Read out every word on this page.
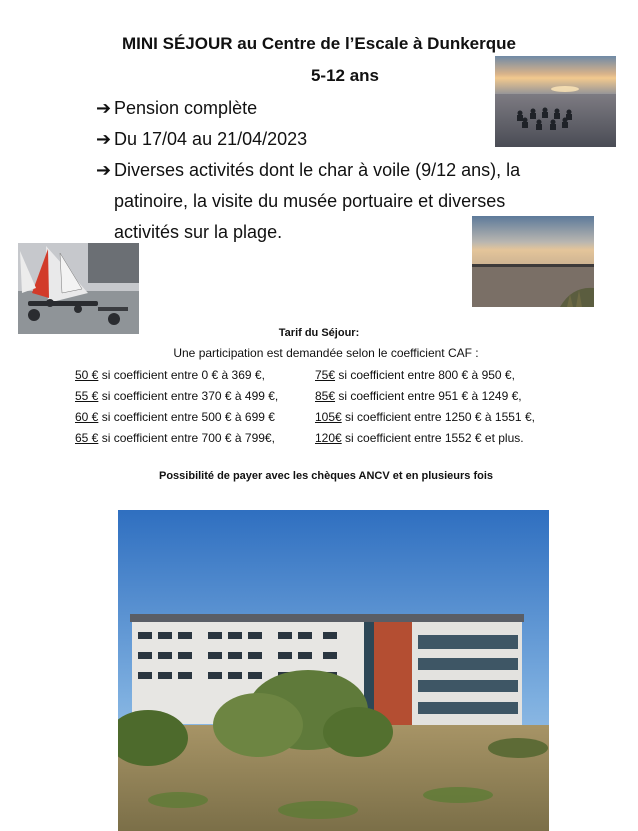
MINI SÉJOUR au Centre de l’Escale à Dunkerque
5-12 ans
➔ Pension complète
➔ Du 17/04 au 21/04/2023
➔ Diverses activités dont le char à voile (9/12 ans), la
patinoire, la visite du musée portuaire et diverses
activités sur la plage.
Tarif du Séjour:
Une participation est demandée selon le coefficient CAF :
50 € si coefficient entre 0 € à 369 €,
55 € si coefficient entre 370 € à 499 €,
60 € si coefficient entre 500 € à 699 €
65 € si coefficient entre 700 € à 799€,
75€ si coefficient entre 800 € à 950 €,
85€ si coefficient entre 951 € à 1249 €,
105€ si coefficient entre 1250 € à 1551 €,
120€ si coefficient entre 1552 € et plus.
Possibilité de payer avec les chèques ANCV et en plusieurs fois
